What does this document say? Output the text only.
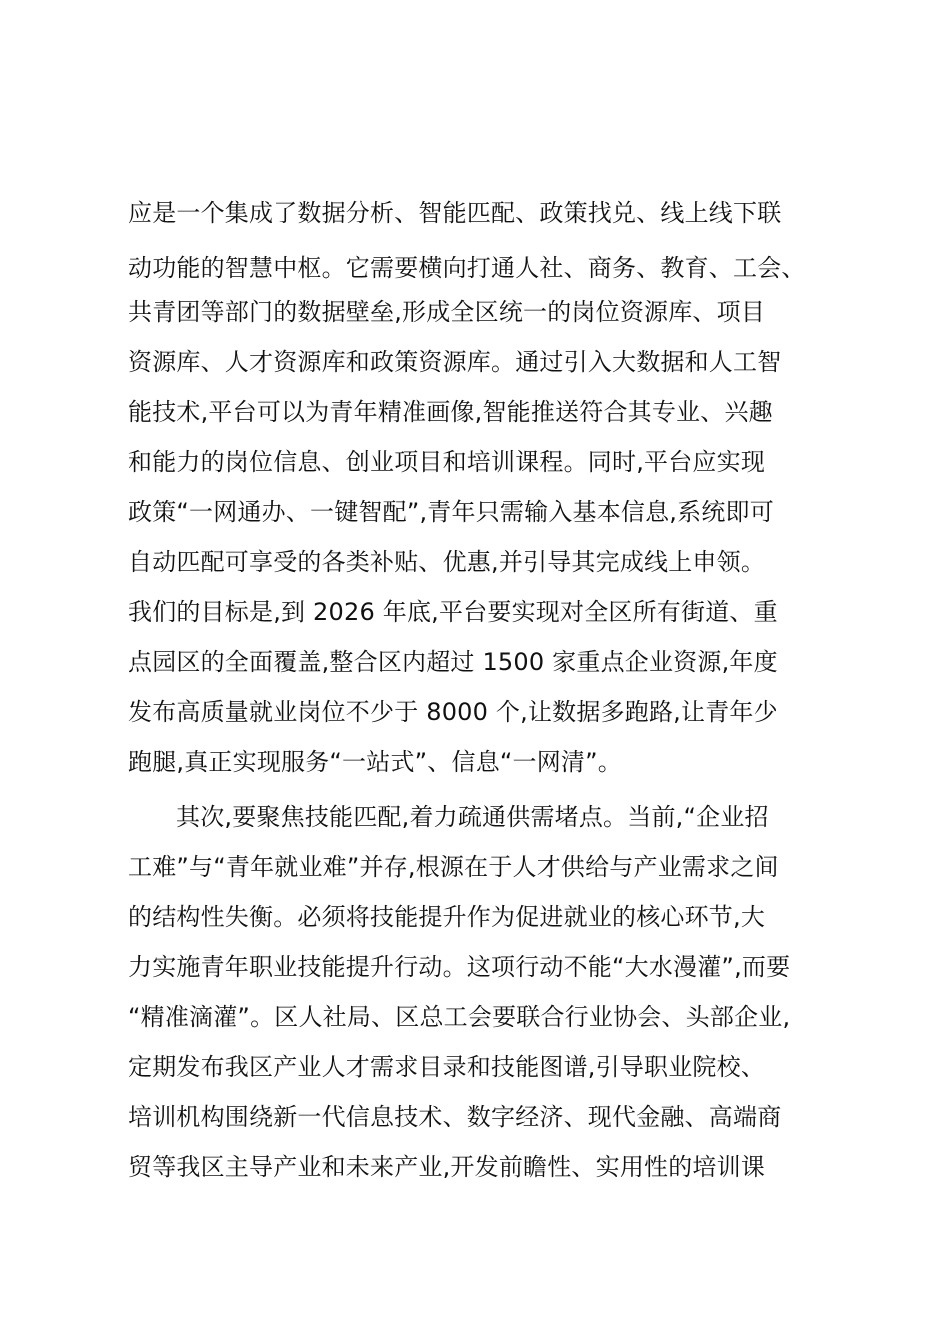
应是一个集成了数据分析、智能匹配、政策找兑、线上线下联
动功能的智慧中枢。它需要横向打通人社、商务、教育、工会、
共青团等部门的数据壁垒,形成全区统一的岗位资源库、项目
资源库、人才资源库和政策资源库。通过引入大数据和人工智
能技术,平台可以为青年精准画像,智能推送符合其专业、兴趣
和能力的岗位信息、创业项目和培训课程。同时,平台应实现
政策“一网通办、一键智配”,青年只需输入基本信息,系统即可
自动匹配可享受的各类补贴、优惠,并引导其完成线上申领。
我们的目标是,到 2026 年底,平台要实现对全区所有街道、重
点园区的全面覆盖,整合区内超过 1500 家重点企业资源,年度
发布高质量就业岗位不少于 8000 个,让数据多跑路,让青年少
跑腿,真正实现服务“一站式”、信息“一网清”。
其次,要聚焦技能匹配,着力疏通供需堵点。当前,“企业招
工难”与“青年就业难”并存,根源在于人才供给与产业需求之间
的结构性失衡。必须将技能提升作为促进就业的核心环节,大
力实施青年职业技能提升行动。这项行动不能“大水漫灌”,而要
“精准滴灌”。区人社局、区总工会要联合行业协会、头部企业,
定期发布我区产业人才需求目录和技能图谱,引导职业院校、
培训机构围绕新一代信息技术、数字经济、现代金融、高端商
贸等我区主导产业和未来产业,开发前瞻性、实用性的培训课
